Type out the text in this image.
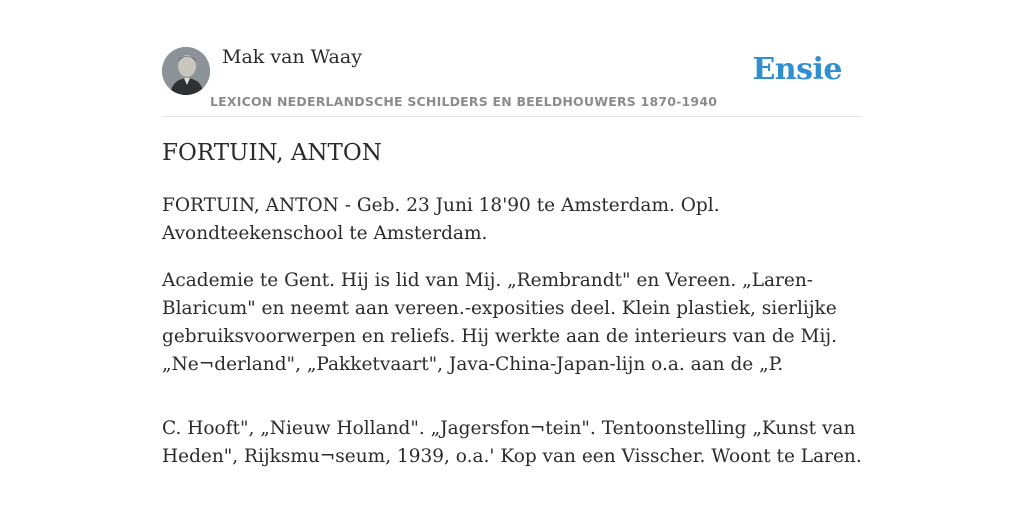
Mak van Waay
LEXICON NEDERLANDSCHE SCHILDERS EN BEELDHOUWERS 1870-1940
Ensie
FORTUIN, ANTON

FORTUIN, ANTON - Geb. 23 Juni 18'90 te Amsterdam. Opl. Avondteekenschool te Amsterdam.

Academie te Gent. Hij is lid van Mij. „Rembrandt" en Vereen. „Laren-Blaricum" en neemt aan vereen.-exposities deel. Klein plastiek, sierlijke gebruiksvoorwerpen en reliefs. Hij werkte aan de interieurs van de Mij. „Ne¬derland", „Pakketvaart", Java-China-Japan-lijn o.a. aan de „P.

C. Hooft", „Nieuw Holland". „Jagersfon¬tein". Tentoonstelling „Kunst van Heden", Rijksmu¬seum, 1939, o.a.' Kop van een Visscher. Woont te Laren.
